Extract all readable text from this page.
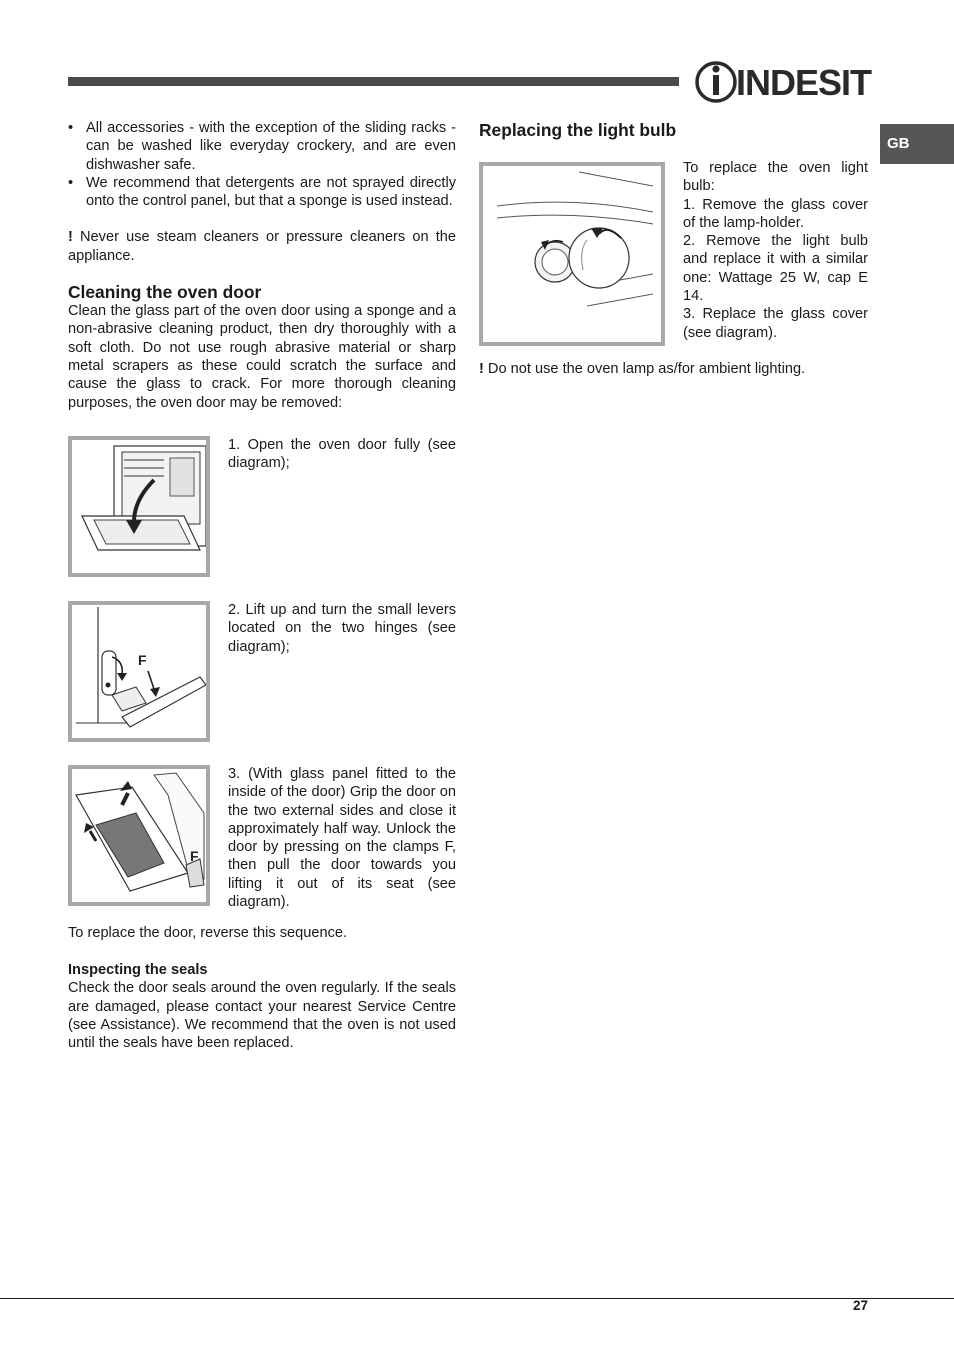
INDESIT
GB
• All accessories - with the exception of the sliding racks - can be washed like everyday crockery, and are even dishwasher safe.
• We recommend that detergents are not sprayed directly onto the control panel, but that a sponge is used instead.

! Never use steam cleaners or pressure cleaners on the appliance.

Cleaning the oven door

Clean the glass part of the oven door using a sponge and a non-abrasive cleaning product, then dry thoroughly with a soft cloth. Do not use rough abrasive material or sharp metal scrapers as these could scratch the surface and cause the glass to crack. For more thorough cleaning purposes, the oven door may be removed:

1. Open the oven door fully (see diagram);
F
2. Lift up and turn the small levers located on the two hinges (see diagram);
F
3. (With glass panel fitted to the inside of the door) Grip the door on the two external sides and close it approximately half way. Unlock the door by pressing on the clamps F, then pull the door towards you lifting it out of its seat (see diagram).

To replace the door, reverse this sequence.

Inspecting the seals

Check the door seals around the oven regularly. If the seals are damaged, please contact your nearest Service Centre (see Assistance). We recommend that the oven is not used until the seals have been replaced.

Replacing the light bulb

To replace the oven light bulb:

1. Remove the glass cover of the lamp-holder.

2. Remove the light bulb and replace it with a similar one: Wattage 25 W, cap E 14.

3. Replace the glass cover (see diagram).

! Do not use the oven lamp as/for ambient lighting.

27
